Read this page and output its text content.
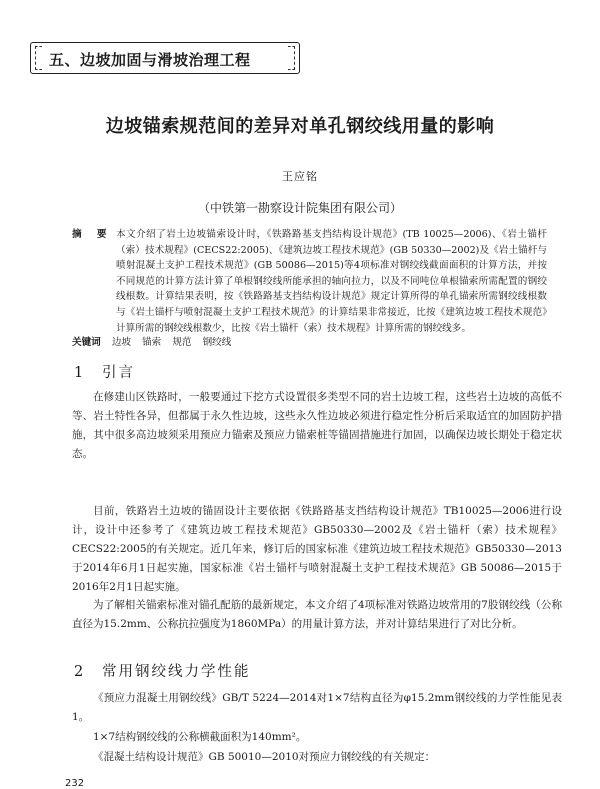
五、边坡加固与滑坡治理工程
边坡锚索规范间的差异对单孔钢绞线用量的影响
王应铭
（中铁第一勘察设计院集团有限公司）
摘 要 本文介绍了岩土边坡锚索设计时，《铁路路基支挡结构设计规范》(TB 10025—2006)、《岩土锚杆（索）技术规程》(CECS22:2005)、《建筑边坡工程技术规范》(GB 50330—2002)及《岩土锚杆与喷射混凝土支护工程技术规范》(GB 50086—2015)等4项标准对钢绞线截面面积的计算方法，并按不同规范的计算方法计算了单根钢绞线所能承担的轴向拉力，以及不同吨位单根锚索所需配置的钢绞线根数。计算结果表明，按《铁路路基支挡结构设计规范》规定计算所得的单孔锚索所需钢绞线根数与《岩土锚杆与喷射混凝土支护工程技术规范》的计算结果非常接近，比按《建筑边坡工程技术规范》计算所需的钢绞线根数少，比按《岩土锚杆（索）技术规程》计算所需的钢绞线多。
关键词 边坡 锚索 规范 钢绞线
1 引言
在修建山区铁路时，一般要通过下挖方式设置很多类型不同的岩土边坡工程，这些岩土边坡的高低不等、岩土特性各异，但都属于永久性边坡，这些永久性边坡必须进行稳定性分析后采取适宜的加固防护措施，其中很多高边坡须采用预应力锚索及预应力锚索桩等锚固措施进行加固，以确保边坡长期处于稳定状态。
目前，铁路岩土边坡的锚固设计主要依据《铁路路基支挡结构设计规范》TB10025—2006进行设计，设计中还参考了《建筑边坡工程技术规范》GB50330—2002及《岩土锚杆（索）技术规程》CECS22:2005的有关规定。近几年来，修订后的国家标准《建筑边坡工程技术规范》GB50330—2013于2014年6月1日起实施，国家标准《岩土锚杆与喷射混凝土支护工程技术规范》GB 50086—2015于2016年2月1日起实施。
为了解相关锚索标准对锚孔配筋的最新规定，本文介绍了4项标准对铁路边坡常用的7股钢绞线（公称直径为15.2mm、公称抗拉强度为1860MPa）的用量计算方法，并对计算结果进行了对比分析。
2 常用钢绞线力学性能
《预应力混凝土用钢绞线》GB/T 5224—2014对1×7结构直径为φ15.2mm钢绞线的力学性能见表1。
1×7结构钢绞线的公称横截面积为140mm²。
《混凝土结构设计规范》GB 50010—2010对预应力钢绞线的有关规定：
232
